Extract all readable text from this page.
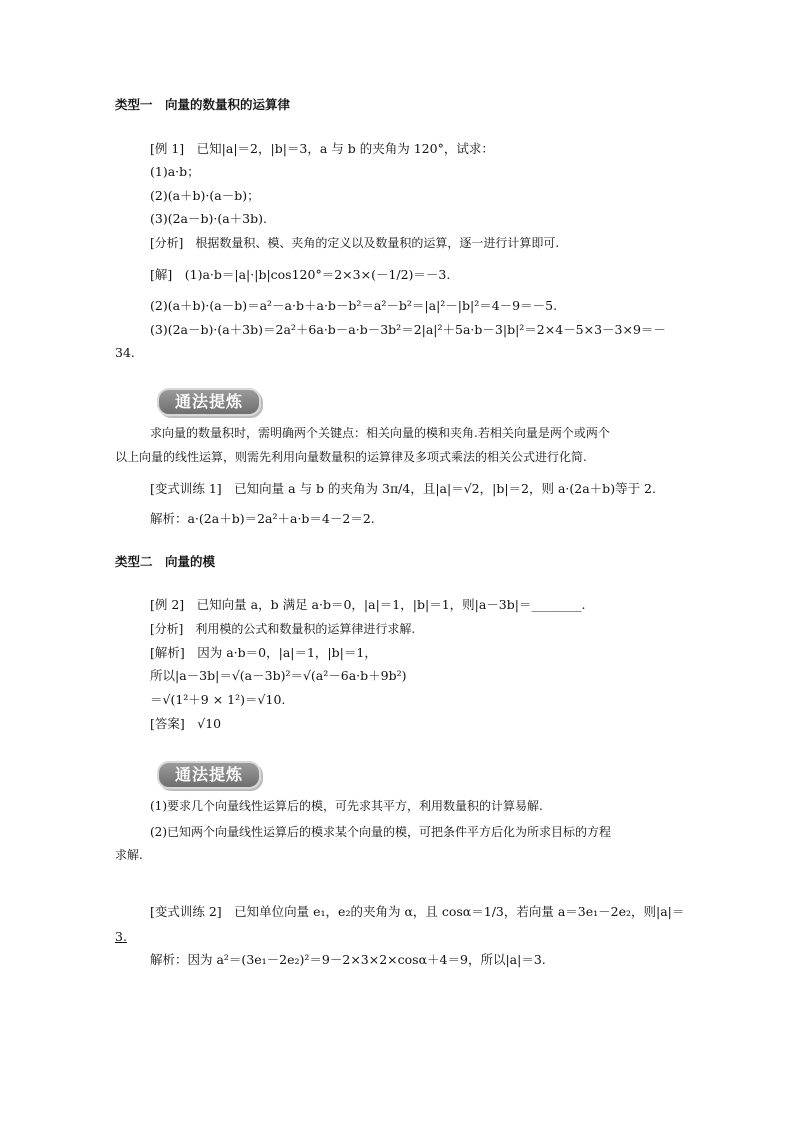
类型一　向量的数量积的运算律
[例 1]　已知|a|＝2，|b|＝3，a 与 b 的夹角为 120°，试求：
(1)a·b；
(2)(a＋b)·(a－b)；
(3)(2a－b)·(a＋3b).
[分析]　根据数量积、模、夹角的定义以及数量积的运算，逐一进行计算即可.
[解]　(1)a·b＝|a|·|b|cos120°＝2×3×(－1/2)＝－3.
(2)(a＋b)·(a－b)＝a²－a·b＋a·b－b²＝a²－b²＝|a|²－|b|²＝4－9＝－5.
(3)(2a－b)·(a＋3b)＝2a²＋6a·b－a·b－3b²＝2|a|²＋5a·b－3|b|²＝2×4－5×3－3×9＝－
34.
通法提炼
求向量的数量积时，需明确两个关键点：相关向量的模和夹角.若相关向量是两个或两个
以上向量的线性运算，则需先利用向量数量积的运算律及多项式乘法的相关公式进行化简.
[变式训练 1]　已知向量 a 与 b 的夹角为 3π/4，且|a|＝√2，|b|＝2，则 a·(2a＋b)等于 2.
解析：a·(2a＋b)＝2a²＋a·b＝4－2＝2.
类型二　向量的模
[例 2]　已知向量 a，b 满足 a·b＝0，|a|＝1，|b|＝1，则|a－3b|＝________.
[分析]　利用模的公式和数量积的运算律进行求解.
[解析]　因为 a·b＝0，|a|＝1，|b|＝1，
所以|a－3b|＝√(a－3b)²＝√(a²－6a·b＋9b²)
＝√(1²＋9 × 1²)＝√10.
[答案]　√10
通法提炼
(1)要求几个向量线性运算后的模，可先求其平方，利用数量积的计算易解.
(2)已知两个向量线性运算后的模求某个向量的模，可把条件平方后化为所求目标的方程
求解.
[变式训练 2]　已知单位向量 e₁，e₂的夹角为 α，且 cosα＝1/3，若向量 a＝3e₁－2e₂，则|a|＝
3.
解析：因为 a²＝(3e₁－2e₂)²＝9－2×3×2×cosα＋4＝9，所以|a|＝3.
